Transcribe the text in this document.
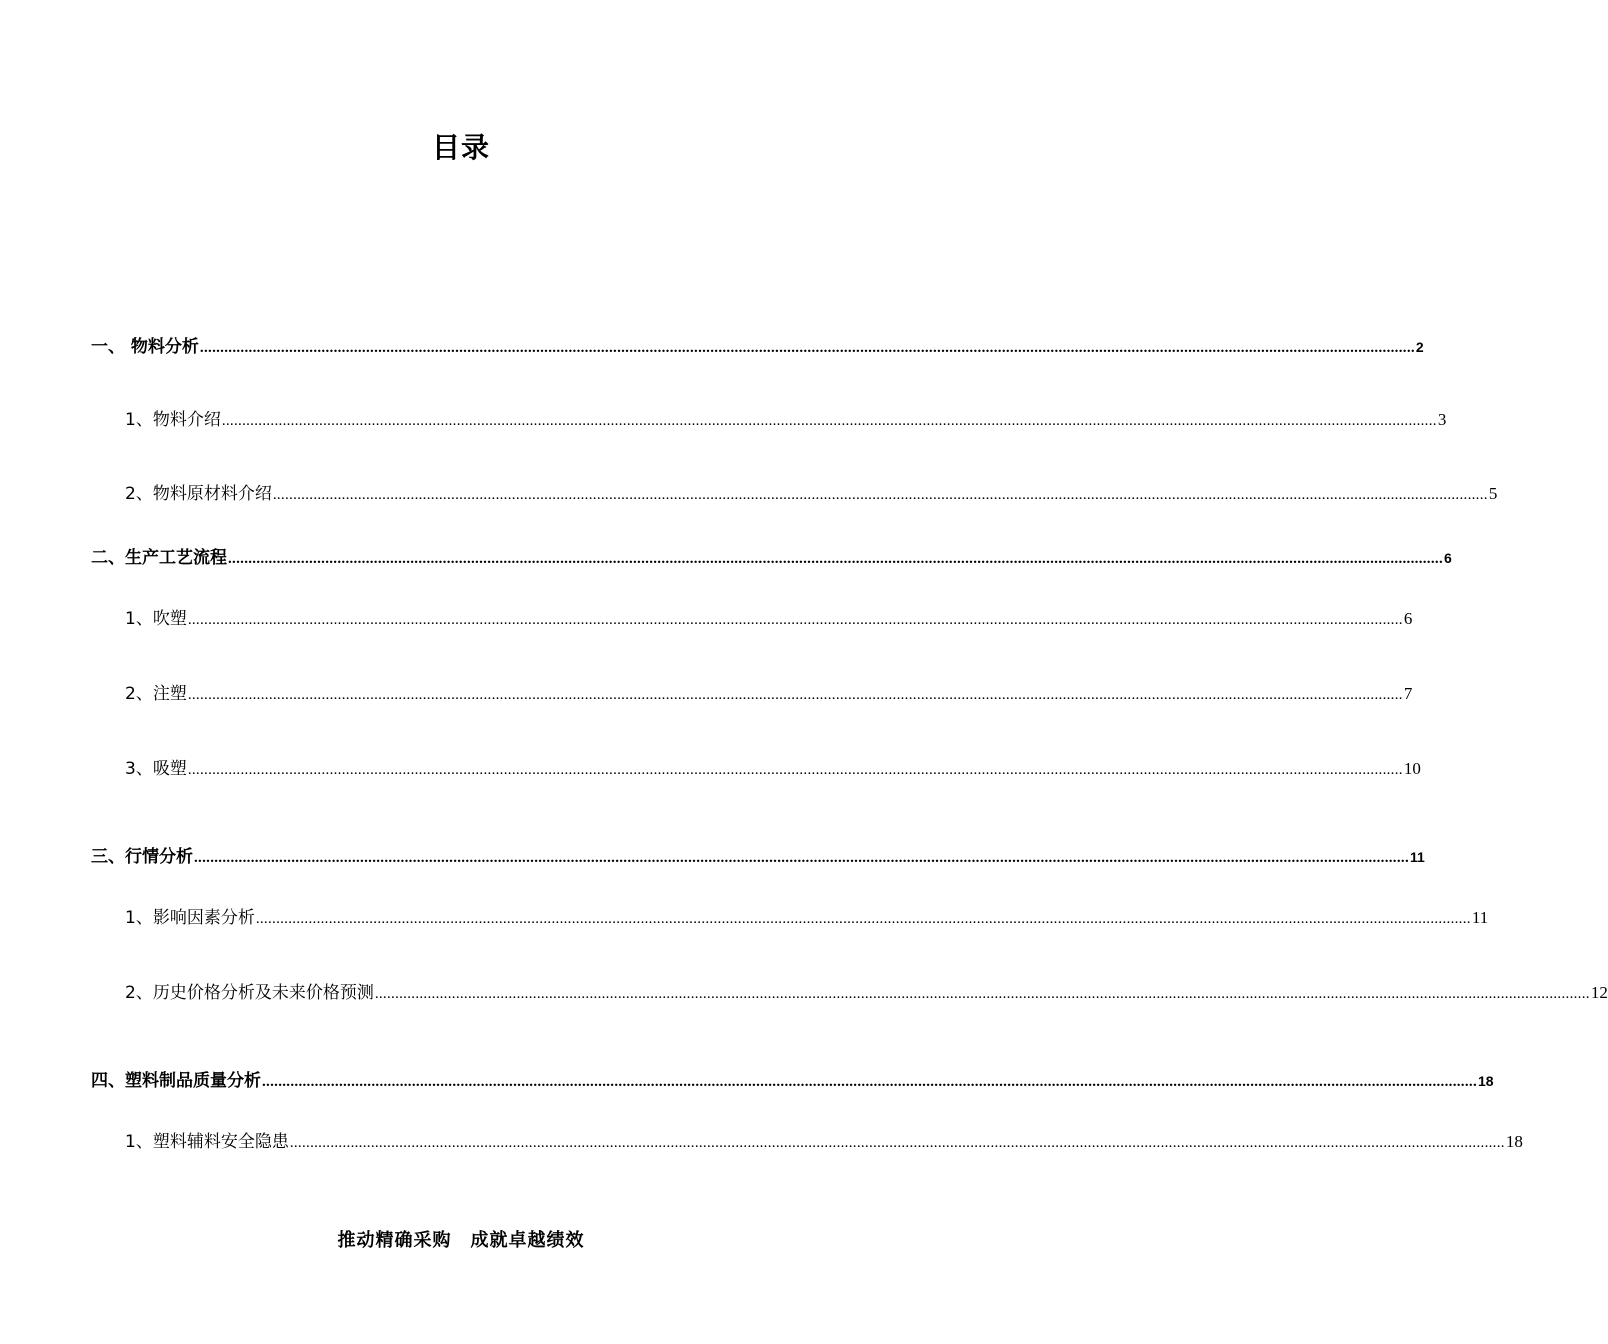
目录
一、 物料分析 ............................................................................................................................................................................................................................................................................................................ 2
1、物料介绍 ............................................................................................................................................................................................................................................................................................................ 3
2、物料原材料介绍 ............................................................................................................................................................................................................................................................................................................ 5
二、生产工艺流程 ............................................................................................................................................................................................................................................................................................................ 6
1、吹塑 ............................................................................................................................................................................................................................................................................................................ 6
2、注塑 ............................................................................................................................................................................................................................................................................................................ 7
3、吸塑 ............................................................................................................................................................................................................................................................................................................ 10
三、行情分析 ............................................................................................................................................................................................................................................................................................................ 11
1、影响因素分析 ............................................................................................................................................................................................................................................................................................................ 11
2、历史价格分析及未来价格预测 ............................................................................................................................................................................................................................................................................................................ 12
四、塑料制品质量分析 ............................................................................................................................................................................................................................................................................................................ 18
1、塑料辅料安全隐患 ............................................................................................................................................................................................................................................................................................................ 18
推动精确采购　成就卓越绩效
